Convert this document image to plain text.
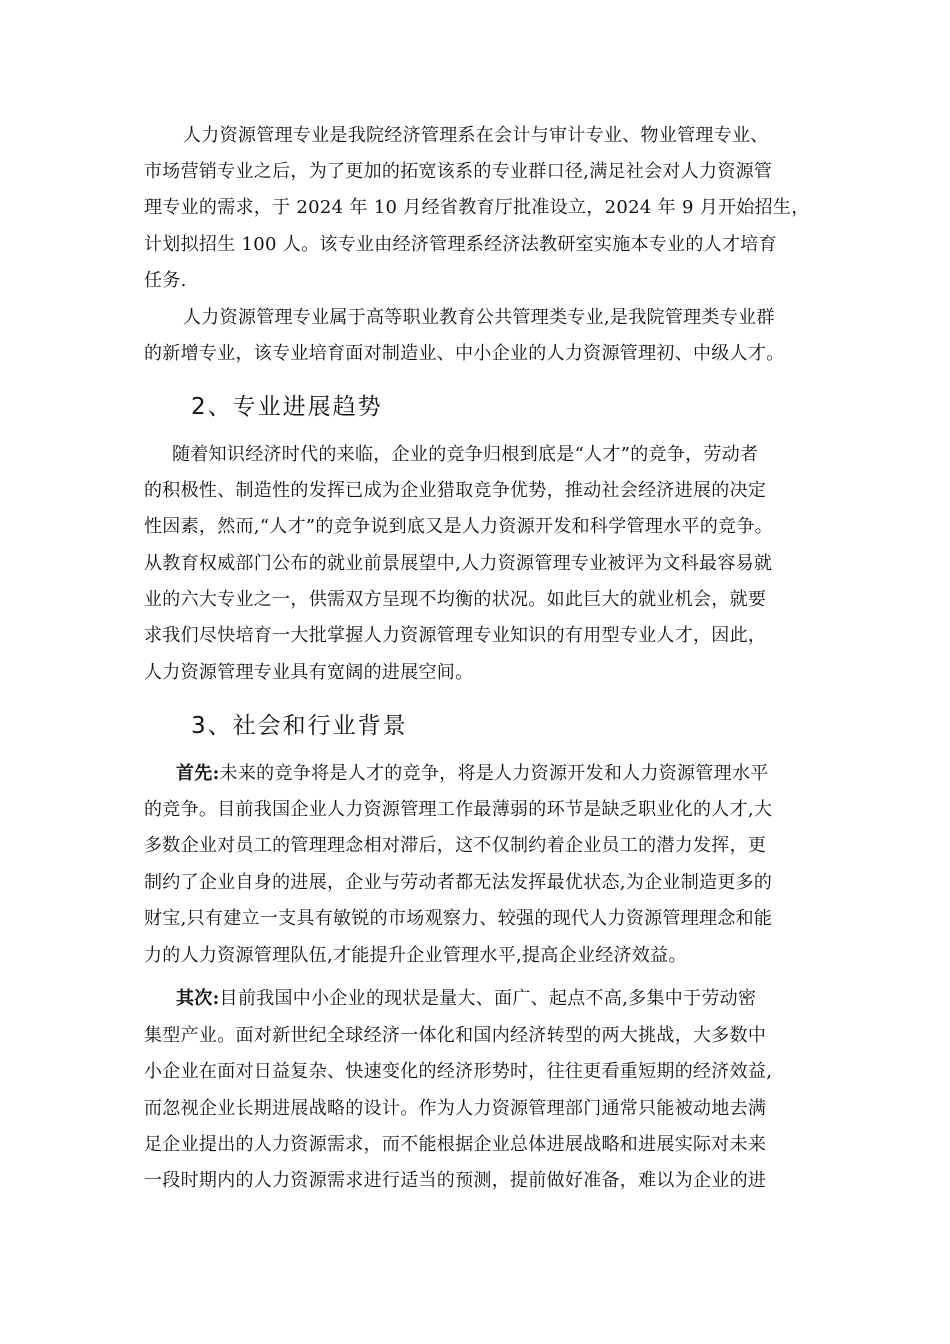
人力资源管理专业是我院经济管理系在会计与审计专业、物业管理专业、
市场营销专业之后，为了更加的拓宽该系的专业群口径,满足社会对人力资源管
理专业的需求，于 2024 年 10 月经省教育厅批准设立，2024 年 9 月开始招生，
计划拟招生 100 人。该专业由经济管理系经济法教研室实施本专业的人才培育
任务.
人力资源管理专业属于高等职业教育公共管理类专业,是我院管理类专业群
的新增专业，该专业培育面对制造业、中小企业的人力资源管理初、中级人才。
2、专业进展趋势
随着知识经济时代的来临，企业的竞争归根到底是“人才”的竞争，劳动者
的积极性、制造性的发挥已成为企业猎取竞争优势，推动社会经济进展的决定
性因素，然而,“人才”的竞争说到底又是人力资源开发和科学管理水平的竞争。
从教育权威部门公布的就业前景展望中,人力资源管理专业被评为文科最容易就
业的六大专业之一，供需双方呈现不均衡的状况。如此巨大的就业机会，就要
求我们尽快培育一大批掌握人力资源管理专业知识的有用型专业人才，因此，
人力资源管理专业具有宽阔的进展空间。
3、社会和行业背景
首先:未来的竞争将是人才的竞争，将是人力资源开发和人力资源管理水平
的竞争。目前我国企业人力资源管理工作最薄弱的环节是缺乏职业化的人才,大
多数企业对员工的管理理念相对滞后，这不仅制约着企业员工的潜力发挥，更
制约了企业自身的进展，企业与劳动者都无法发挥最优状态,为企业制造更多的
财宝,只有建立一支具有敏锐的市场观察力、较强的现代人力资源管理理念和能
力的人力资源管理队伍,才能提升企业管理水平,提高企业经济效益。
其次:目前我国中小企业的现状是量大、面广、起点不高,多集中于劳动密
集型产业。面对新世纪全球经济一体化和国内经济转型的两大挑战，大多数中
小企业在面对日益复杂、快速变化的经济形势时，往往更看重短期的经济效益,
而忽视企业长期进展战略的设计。作为人力资源管理部门通常只能被动地去满
足企业提出的人力资源需求，而不能根据企业总体进展战略和进展实际对未来
一段时期内的人力资源需求进行适当的预测，提前做好准备，难以为企业的进
